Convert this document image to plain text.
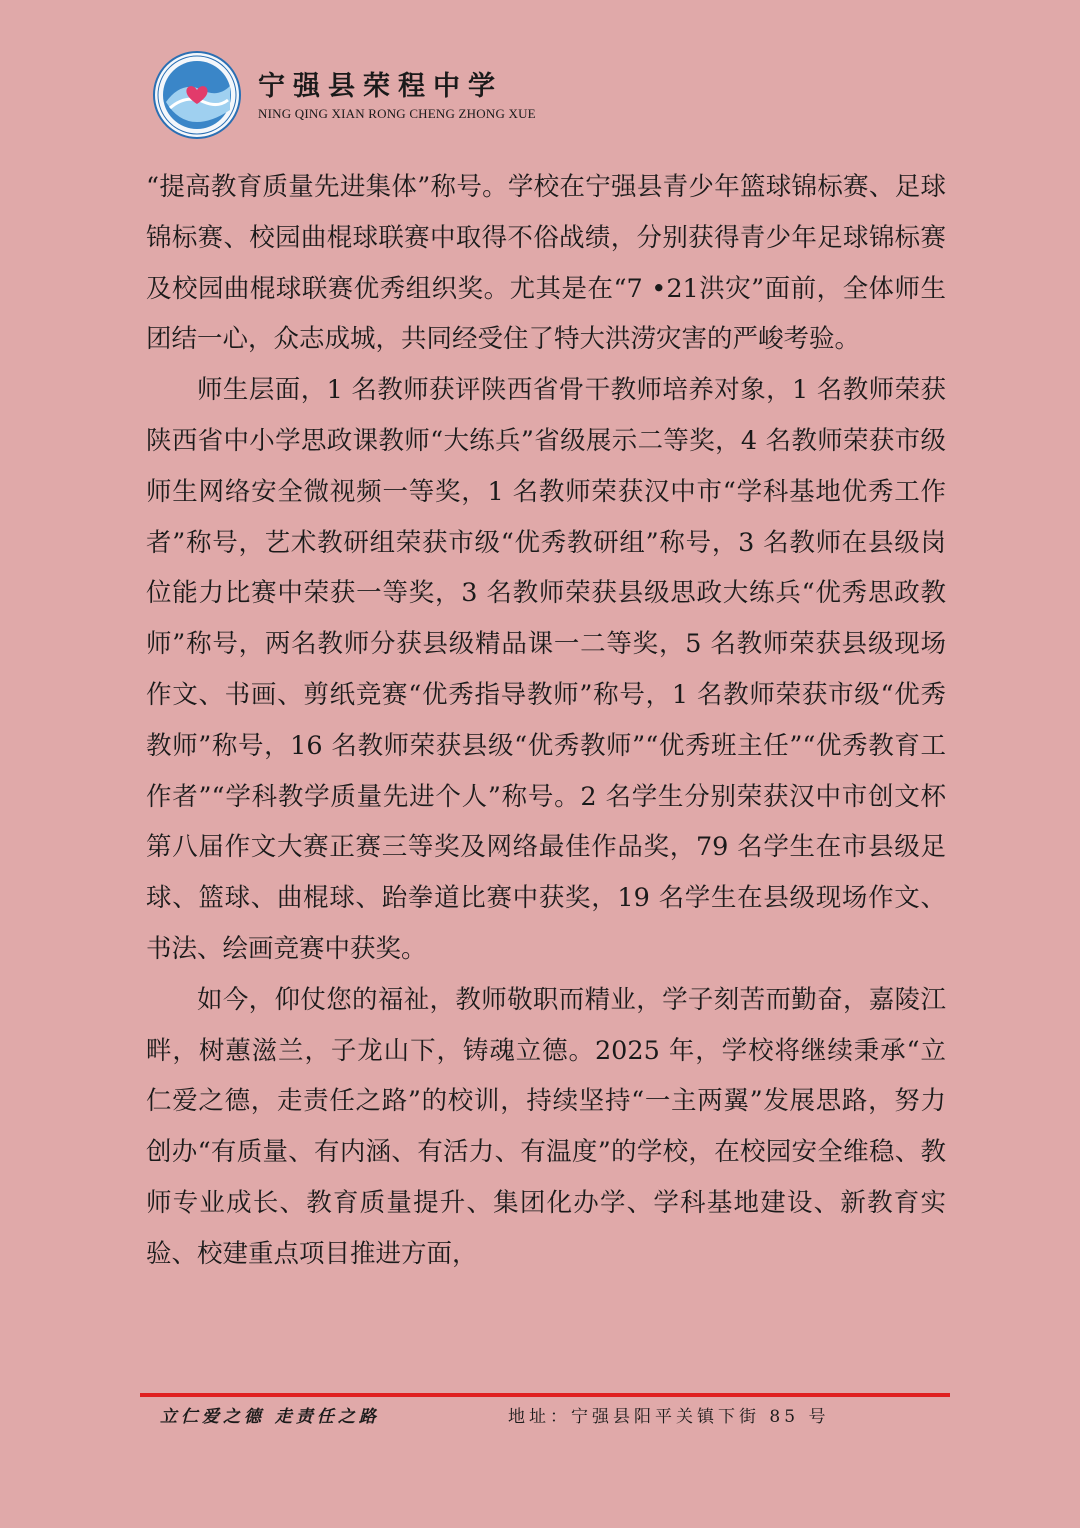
宁强县荣程中学
NING QING XIAN RONG CHENG ZHONG XUE

“提高教育质量先进集体”称号。学校在宁强县青少年篮球锦标赛、足球锦标赛、校园曲棍球联赛中取得不俗战绩，分别获得青少年足球锦标赛及校园曲棍球联赛优秀组织奖。尤其是在“7 •21洪灾”面前，全体师生团结一心，众志成城，共同经受住了特大洪涝灾害的严峻考验。

师生层面，1 名教师获评陕西省骨干教师培养对象，1 名教师荣获陕西省中小学思政课教师“大练兵”省级展示二等奖，4 名教师荣获市级师生网络安全微视频一等奖，1 名教师荣获汉中市“学科基地优秀工作者”称号，艺术教研组荣获市级“优秀教研组”称号，3 名教师在县级岗位能力比赛中荣获一等奖，3 名教师荣获县级思政大练兵“优秀思政教师”称号，两名教师分获县级精品课一二等奖，5 名教师荣获县级现场作文、书画、剪纸竞赛“优秀指导教师”称号，1 名教师荣获市级“优秀教师”称号，16 名教师荣获县级“优秀教师”“优秀班主任”“优秀教育工作者”“学科教学质量先进个人”称号。2 名学生分别荣获汉中市创文杯第八届作文大赛正赛三等奖及网络最佳作品奖，79 名学生在市县级足球、篮球、曲棍球、跆拳道比赛中获奖，19 名学生在县级现场作文、书法、绘画竞赛中获奖。

如今，仰仗您的福祉，教师敬职而精业，学子刻苦而勤奋，嘉陵江畔，树蕙滋兰，子龙山下，铸魂立德。2025 年，学校将继续秉承“立仁爱之德，走责任之路”的校训，持续坚持“一主两翼”发展思路，努力创办“有质量、有内涵、有活力、有温度”的学校，在校园安全维稳、教师专业成长、教育质量提升、集团化办学、学科基地建设、新教育实验、校建重点项目推进方面，

立仁爱之德 走责任之路	地址：宁强县阳平关镇下街 85 号
